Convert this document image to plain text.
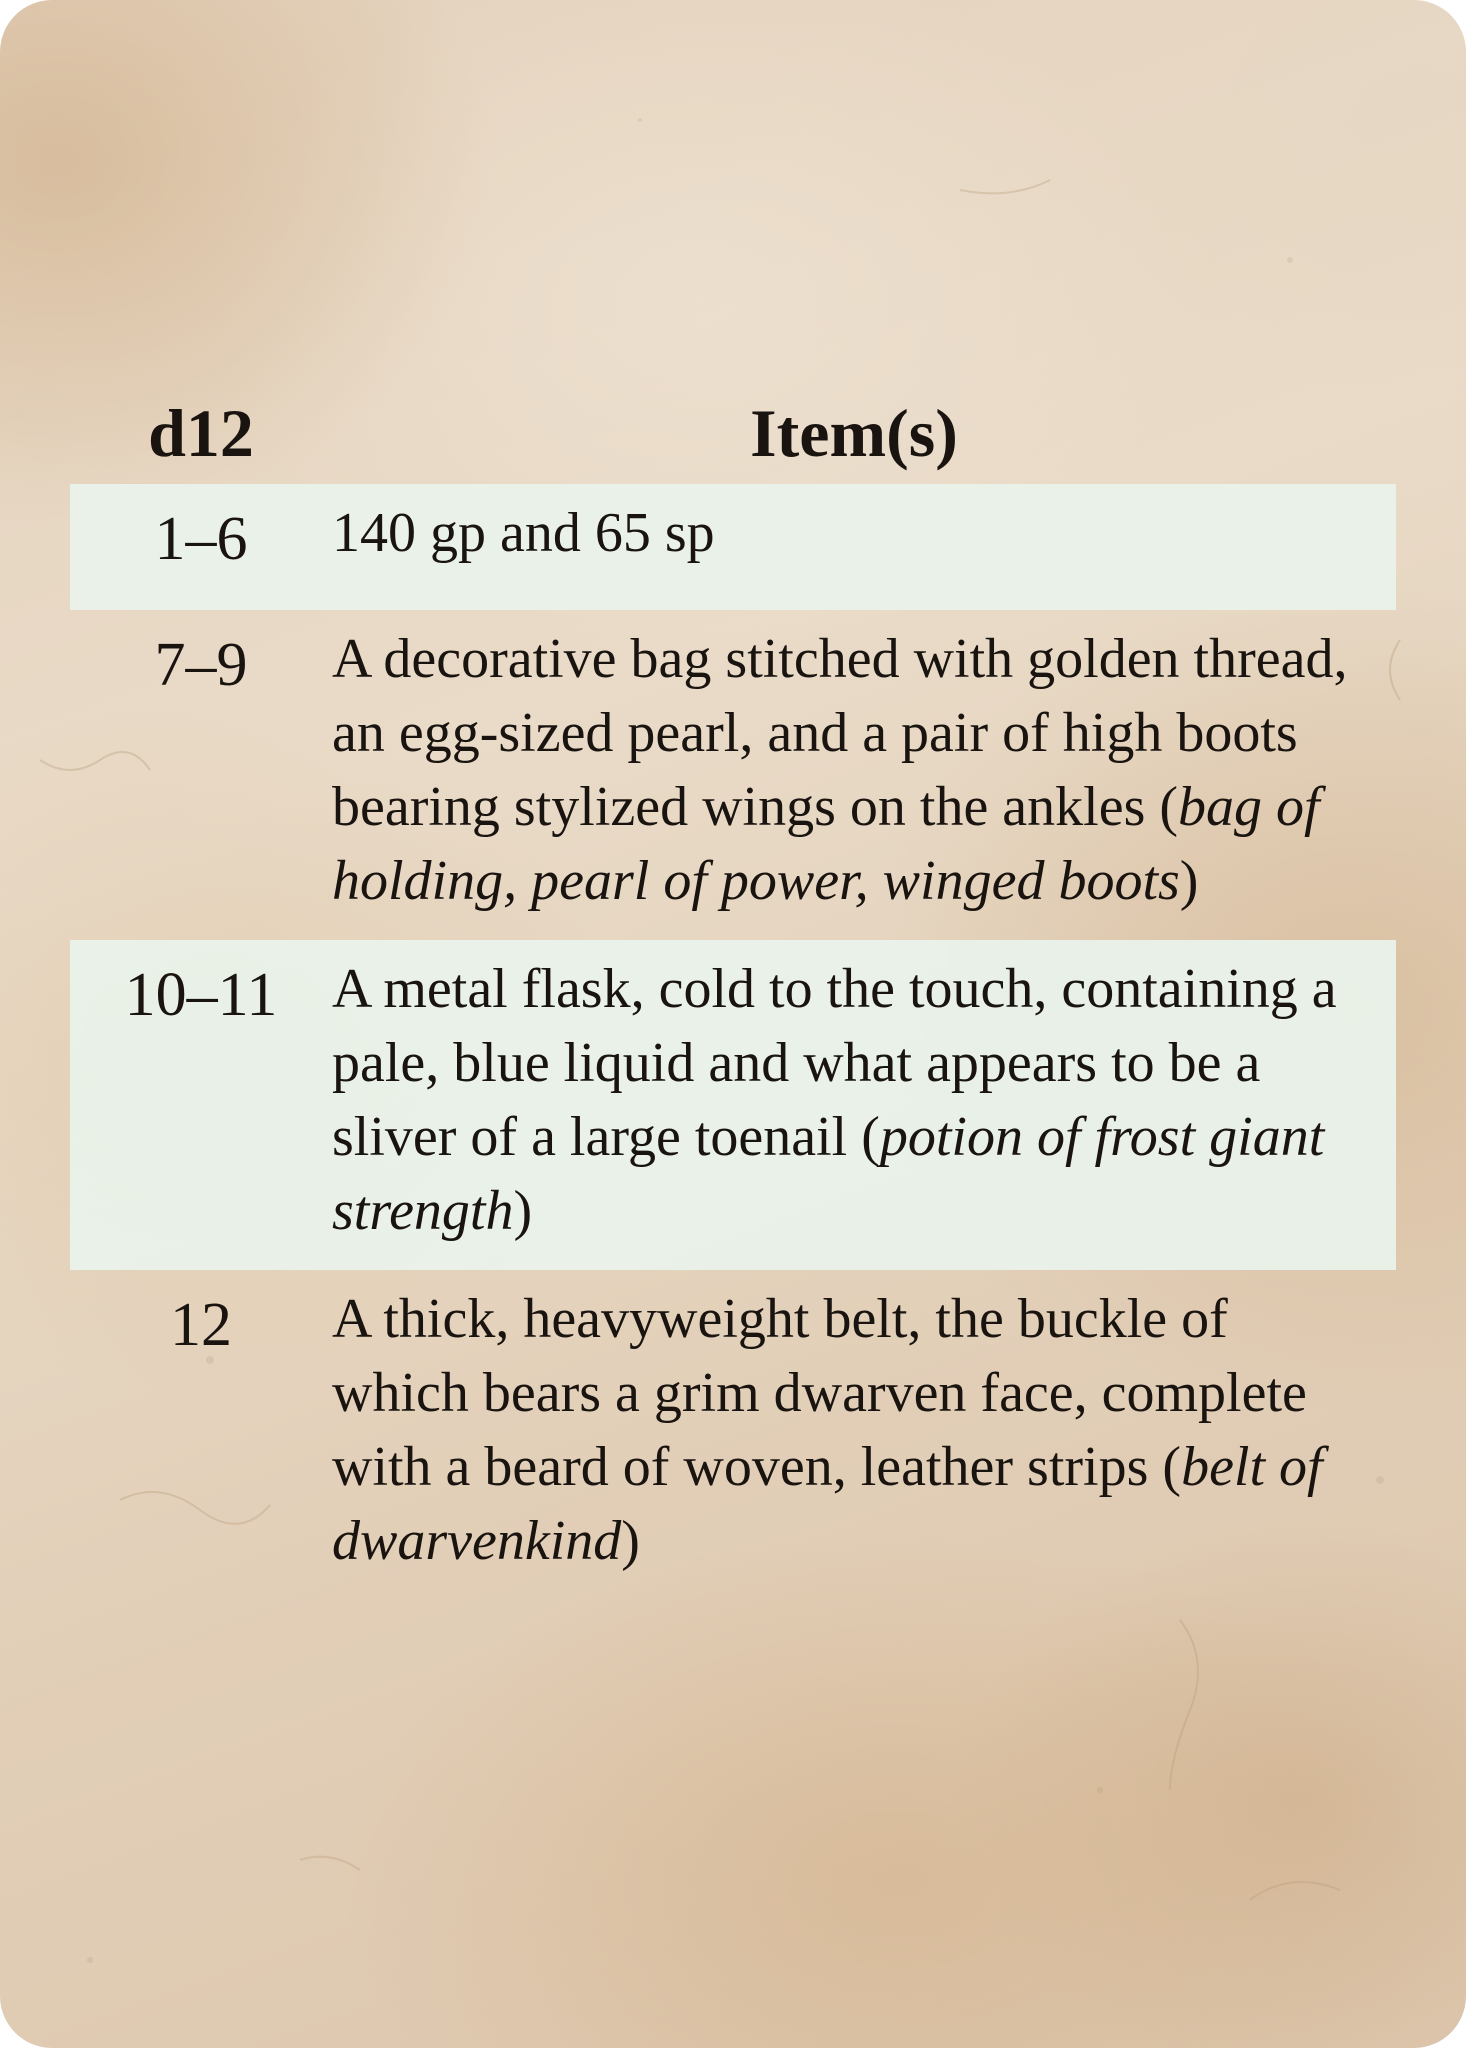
d12	Item(s)
1–6	140 gp and 65 sp
7–9	A decorative bag stitched with golden thread, an egg-sized pearl, and a pair of high boots bearing stylized wings on the ankles (bag of holding, pearl of power, winged boots)
10–11	A metal flask, cold to the touch, containing a pale, blue liquid and what appears to be a sliver of a large toenail (potion of frost giant strength)
12	A thick, heavyweight belt, the buckle of which bears a grim dwarven face, complete with a beard of woven, leather strips (belt of dwarvenkind)
